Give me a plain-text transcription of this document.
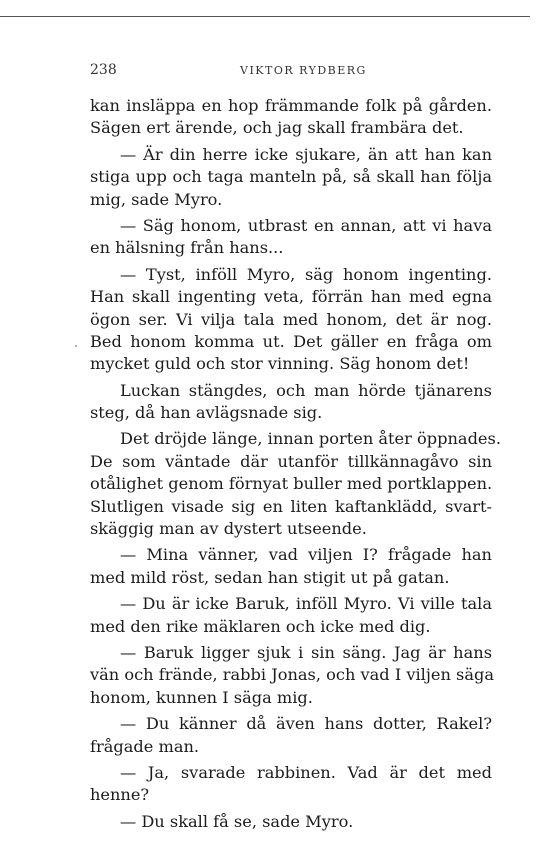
238	VIKTOR RYDBERG
kan insläppa en hop främmande folk på gården.
Sägen ert ärende, och jag skall frambära det.
— Är din herre icke sjukare, än att han kan
stiga upp och taga manteln på, så skall han följa
mig, sade Myro.
— Säg honom, utbrast en annan, att vi hava
en hälsning från hans...
— Tyst, inföll Myro, säg honom ingenting.
Han skall ingenting veta, förrän han med egna
ögon ser. Vi vilja tala med honom, det är nog.
Bed honom komma ut. Det gäller en fråga om
mycket guld och stor vinning. Säg honom det!
Luckan stängdes, och man hörde tjänarens
steg, då han avlägsnade sig.
Det dröjde länge, innan porten åter öppnades.
De som väntade där utanför tillkännagåvo sin
otålighet genom förnyat buller med portklappen.
Slutligen visade sig en liten kaftanklädd, svart-
skäggig man av dystert utseende.
— Mina vänner, vad viljen I? frågade han
med mild röst, sedan han stigit ut på gatan.
— Du är icke Baruk, inföll Myro. Vi ville tala
med den rike mäklaren och icke med dig.
— Baruk ligger sjuk i sin säng. Jag är hans
vän och frände, rabbi Jonas, och vad I viljen säga
honom, kunnen I säga mig.
— Du känner då även hans dotter, Rakel?
frågade man.
— Ja, svarade rabbinen. Vad är det med
henne?
— Du skall få se, sade Myro.
